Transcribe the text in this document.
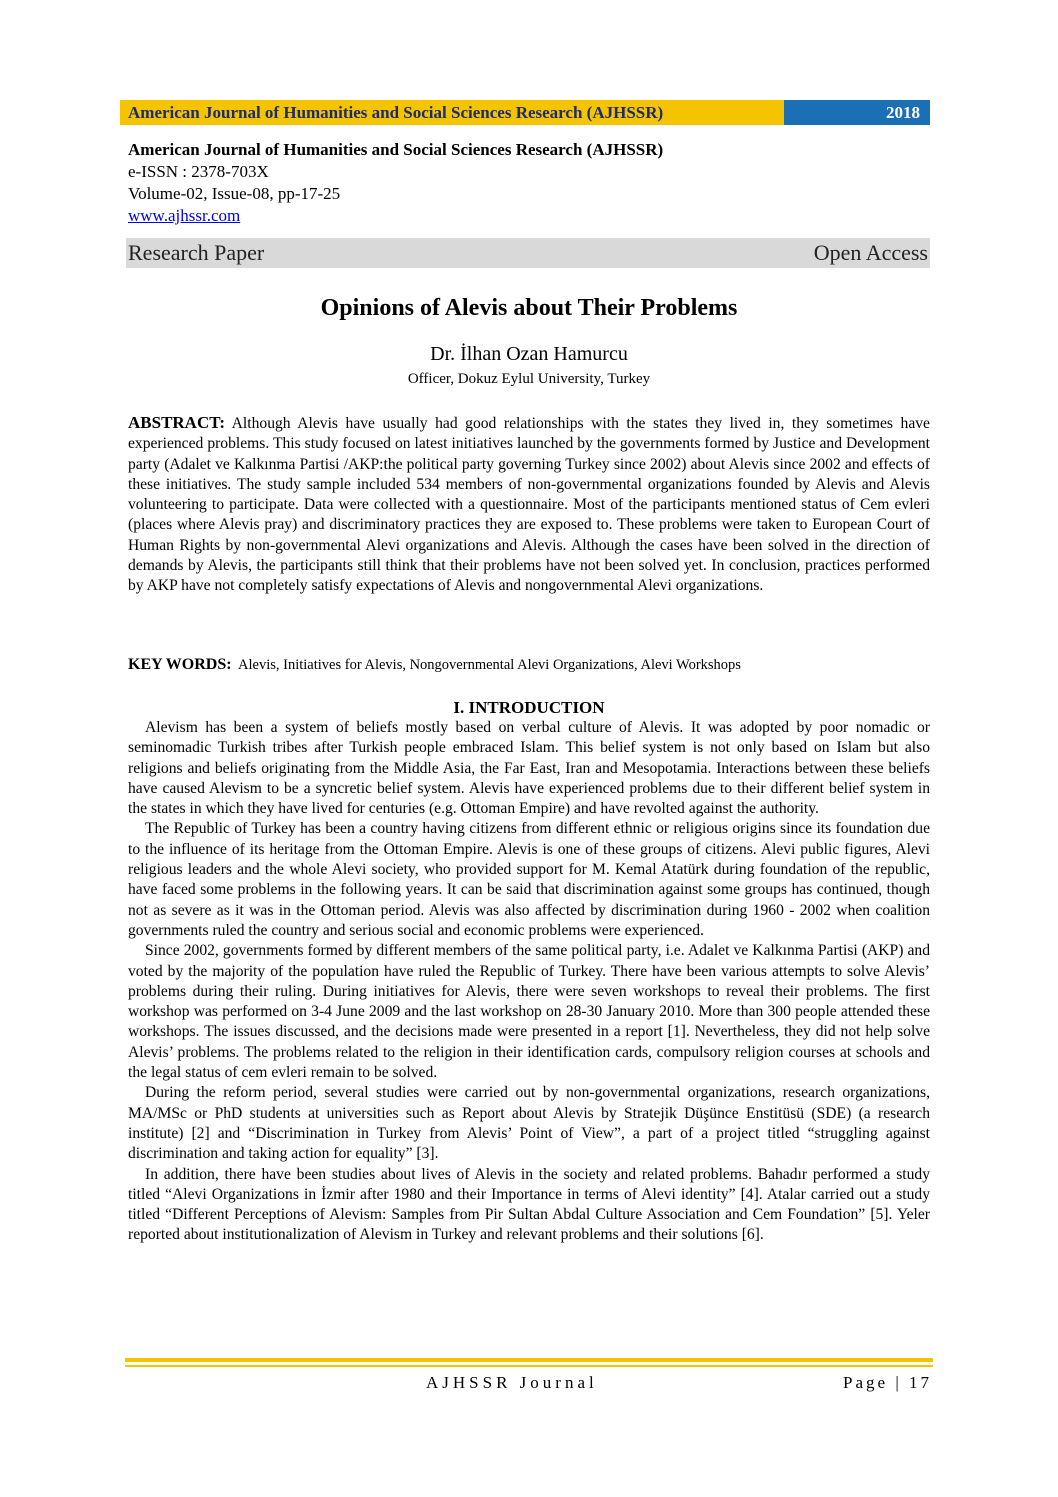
American Journal of Humanities and Social Sciences Research (AJHSSR)	2018
American Journal of Humanities and Social Sciences Research (AJHSSR)
e-ISSN : 2378-703X
Volume-02, Issue-08, pp-17-25
www.ajhssr.com
Research Paper	Open Access
Opinions of Alevis about Their Problems
Dr. İlhan Ozan Hamurcu
Officer, Dokuz Eylul University, Turkey
ABSTRACT: Although Alevis have usually had good relationships with the states they lived in, they sometimes have experienced problems. This study focused on latest initiatives launched by the governments formed by Justice and Development party (Adalet ve Kalkınma Partisi /AKP:the political party governing Turkey since 2002) about Alevis since 2002 and effects of these initiatives. The study sample included 534 members of non-governmental organizations founded by Alevis and Alevis volunteering to participate. Data were collected with a questionnaire. Most of the participants mentioned status of Cem evleri (places where Alevis pray) and discriminatory practices they are exposed to. These problems were taken to European Court of Human Rights by non-governmental Alevi organizations and Alevis. Although the cases have been solved in the direction of demands by Alevis, the participants still think that their problems have not been solved yet. In conclusion, practices performed by AKP have not completely satisfy expectations of Alevis and nongovernmental Alevi organizations.
KEY WORDS: Alevis, Initiatives for Alevis, Nongovernmental Alevi Organizations, Alevi Workshops
I. INTRODUCTION

Alevism has been a system of beliefs mostly based on verbal culture of Alevis. It was adopted by poor nomadic or seminomadic Turkish tribes after Turkish people embraced Islam. This belief system is not only based on Islam but also religions and beliefs originating from the Middle Asia, the Far East, Iran and Mesopotamia. Interactions between these beliefs have caused Alevism to be a syncretic belief system. Alevis have experienced problems due to their different belief system in the states in which they have lived for centuries (e.g. Ottoman Empire) and have revolted against the authority.

The Republic of Turkey has been a country having citizens from different ethnic or religious origins since its foundation due to the influence of its heritage from the Ottoman Empire. Alevis is one of these groups of citizens. Alevi public figures, Alevi religious leaders and the whole Alevi society, who provided support for M. Kemal Atatürk during foundation of the republic, have faced some problems in the following years. It can be said that discrimination against some groups has continued, though not as severe as it was in the Ottoman period. Alevis was also affected by discrimination during 1960 - 2002 when coalition governments ruled the country and serious social and economic problems were experienced.

Since 2002, governments formed by different members of the same political party, i.e. Adalet ve Kalkınma Partisi (AKP) and voted by the majority of the population have ruled the Republic of Turkey. There have been various attempts to solve Alevis’ problems during their ruling. During initiatives for Alevis, there were seven workshops to reveal their problems. The first workshop was performed on 3-4 June 2009 and the last workshop on 28-30 January 2010. More than 300 people attended these workshops. The issues discussed, and the decisions made were presented in a report [1]. Nevertheless, they did not help solve Alevis’ problems. The problems related to the religion in their identification cards, compulsory religion courses at schools and the legal status of cem evleri remain to be solved.

During the reform period, several studies were carried out by non-governmental organizations, research organizations, MA/MSc or PhD students at universities such as Report about Alevis by Stratejik Düşünce Enstitüsü (SDE) (a research institute) [2] and “Discrimination in Turkey from Alevis’ Point of View”, a part of a project titled “struggling against discrimination and taking action for equality” [3].

In addition, there have been studies about lives of Alevis in the society and related problems. Bahadır performed a study titled “Alevi Organizations in İzmir after 1980 and their Importance in terms of Alevi identity” [4]. Atalar carried out a study titled “Different Perceptions of Alevism: Samples from Pir Sultan Abdal Culture Association and Cem Foundation” [5]. Yeler reported about institutionalization of Alevism in Turkey and relevant problems and their solutions [6].

AJHSSR Journal	Page | 17
